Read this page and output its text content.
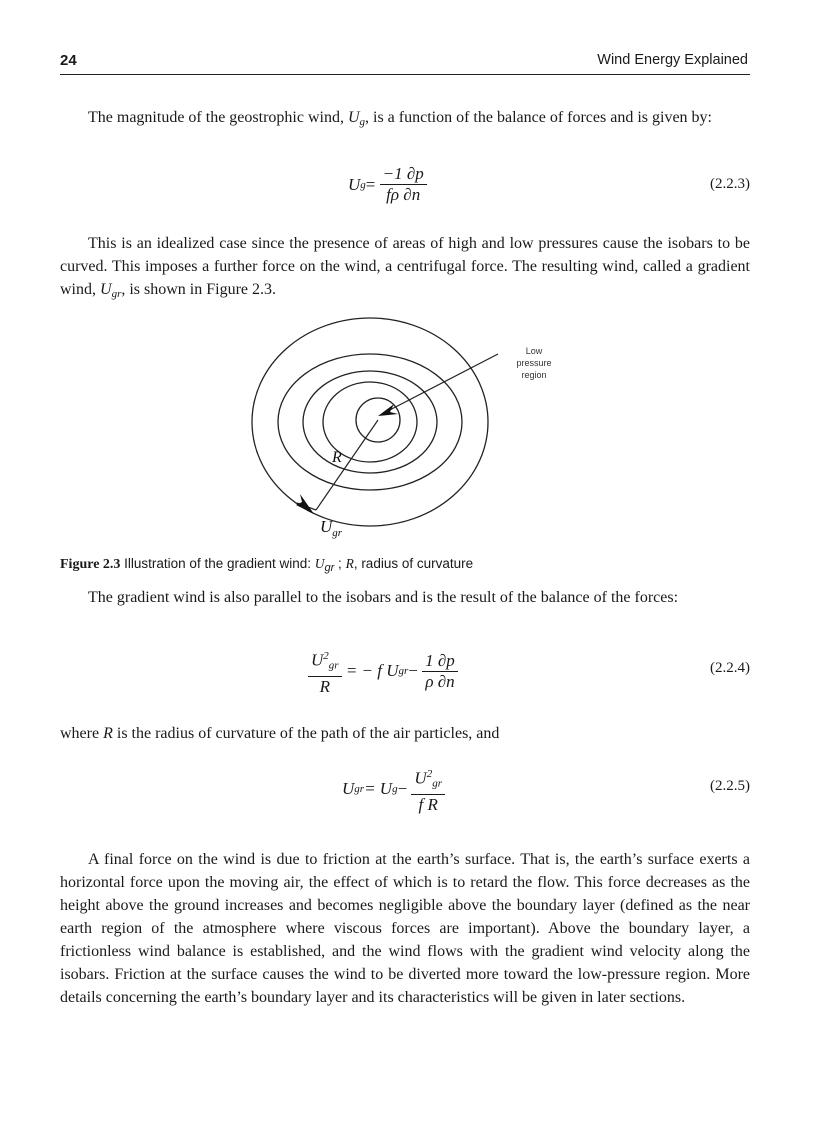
24	Wind Energy Explained

The magnitude of the geostrophic wind, $U_g$, is a function of the balance of forces and is given by:

$Ug= \frac{-1 \partial p}{f\rho \partial n}$	(2.2.3)

This is an idealized case since the presence of areas of high and low pressures cause the isobars to be curved. This imposes a further force on the wind, a centrifugal force. The resulting wind, called a gradient wind, $U_{gr}$, is shown in Figure 2.3.

Low
pressure
region
R
$U_{gr}$
Figure 2.3 Illustration of the gradient wind: $U_{gr}$ ; R, radius of curvature

The gradient wind is also parallel to the isobars and is the result of the balance of the forces:

$\frac{U^2_{gr}}{R}$ = − f $Ugr- \frac{1 \partial p}{\rho \partial n}$	(2.2.4)

where R is the radius of curvature of the path of the air particles, and

$Ugr= Ug- \frac{U^2_{gr}}{\text{f R}}$	(2.2.5)

A final force on the wind is due to friction at the earth’s surface. That is, the earth’s surface exerts a horizontal force upon the moving air, the effect of which is to retard the flow. This force decreases as the height above the ground increases and becomes negligible above the boundary layer (defined as the near earth region of the atmosphere where viscous forces are important). Above the boundary layer, a frictionless wind balance is established, and the wind flows with the gradient wind velocity along the isobars. Friction at the surface causes the wind to be diverted more toward the low-pressure region. More details concerning the earth’s boundary layer and its characteristics will be given in later sections.
